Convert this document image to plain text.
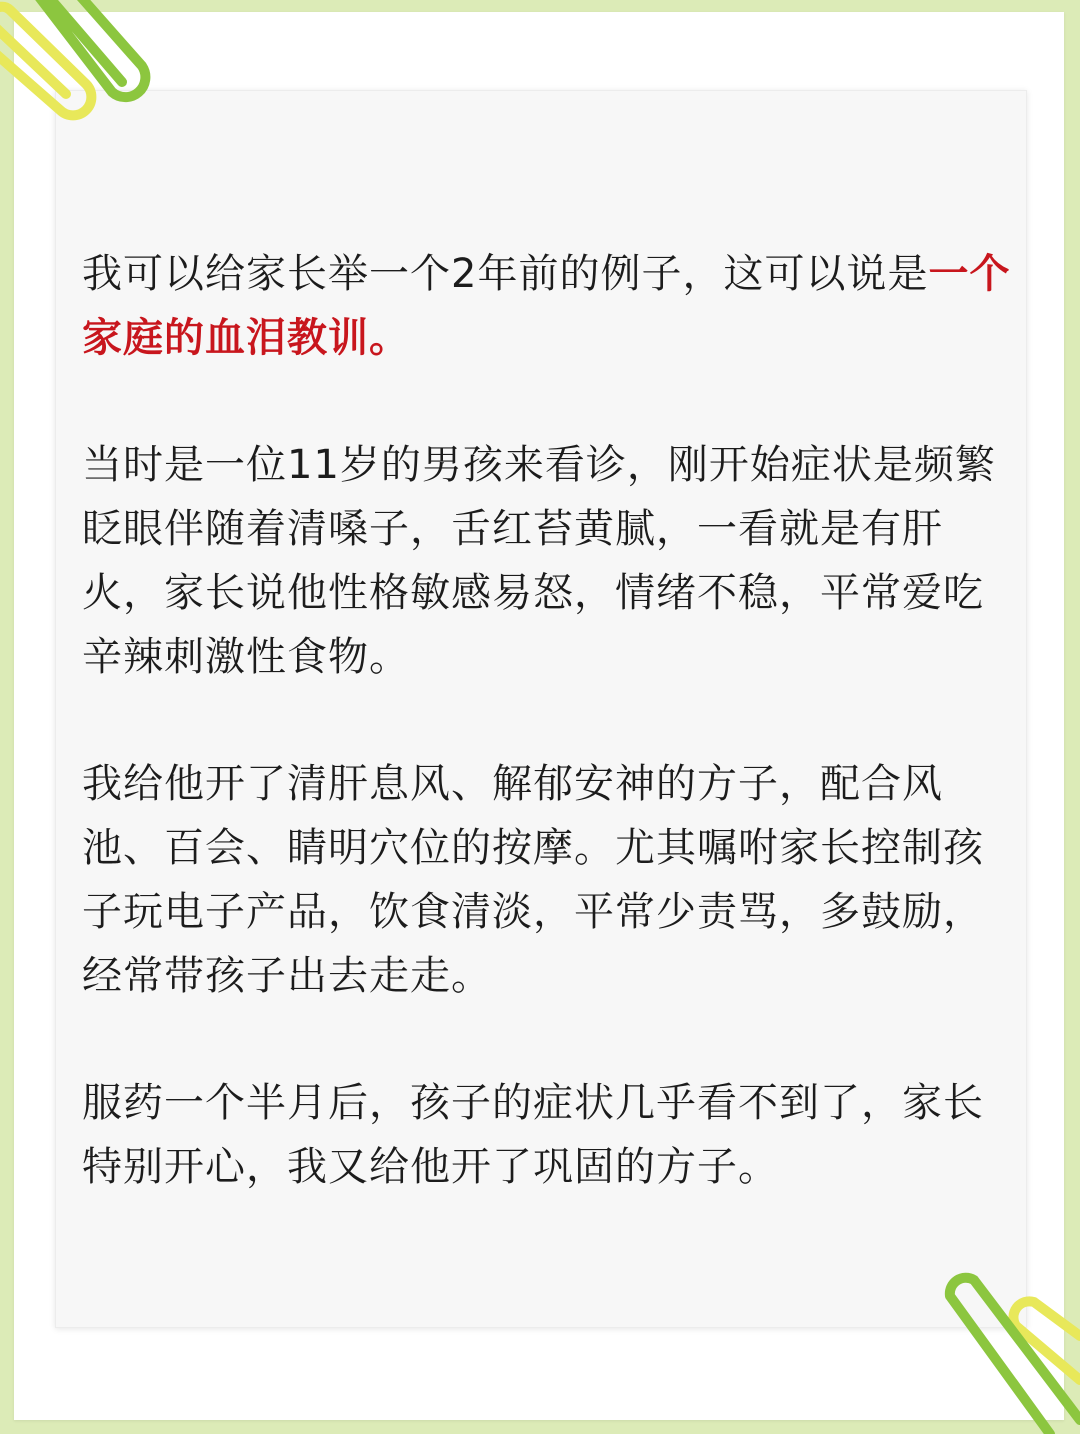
我可以给家长举一个2年前的例子，这可以说是一个家庭的血泪教训。

当时是一位11岁的男孩来看诊，刚开始症状是频繁眨眼伴随着清嗓子，舌红苔黄腻，一看就是有肝火，家长说他性格敏感易怒，情绪不稳，平常爱吃辛辣刺激性食物。

我给他开了清肝息风、解郁安神的方子，配合风池、百会、睛明穴位的按摩。尤其嘱咐家长控制孩子玩电子产品，饮食清淡，平常少责骂，多鼓励，经常带孩子出去走走。

服药一个半月后，孩子的症状几乎看不到了，家长特别开心，我又给他开了巩固的方子。
